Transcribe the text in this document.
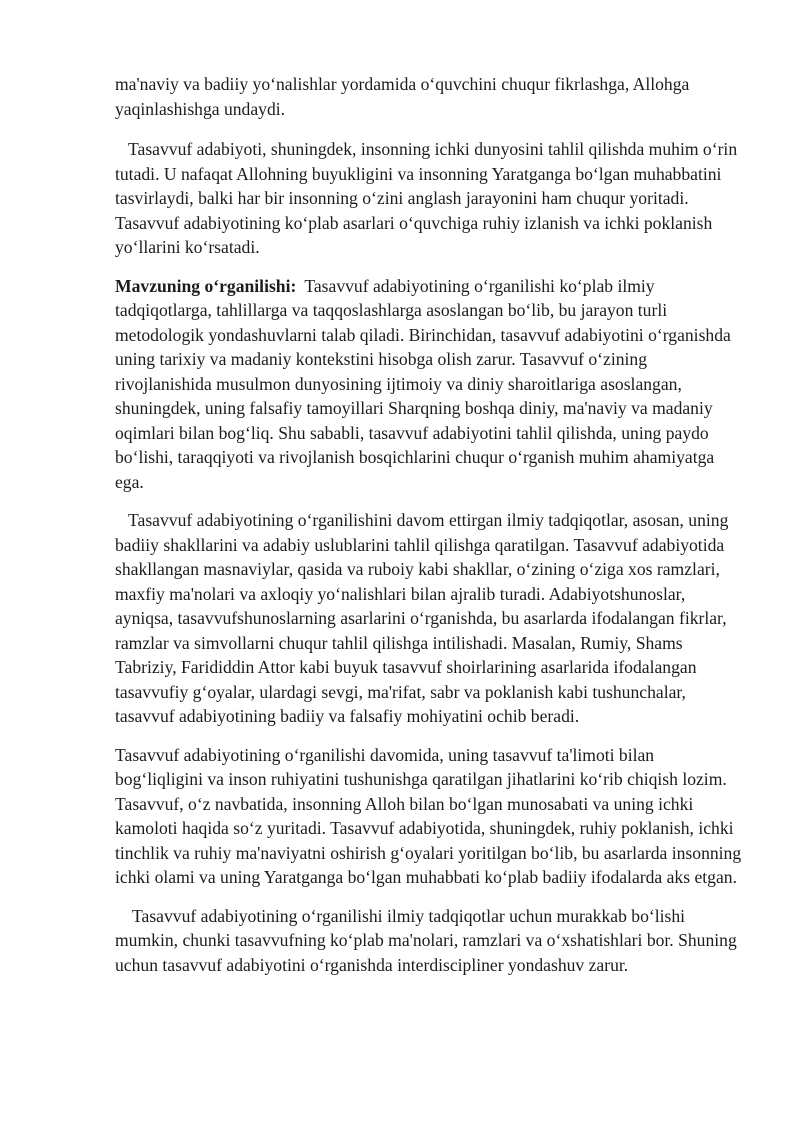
ma'naviy va badiiy yoʻnalishlar yordamida oʻquvchini chuqur fikrlashga, Allohga yaqinlashishga undaydi.

Tasavvuf adabiyoti, shuningdek, insonning ichki dunyosini tahlil qilishda muhim oʻrin tutadi. U nafaqat Allohning buyukligini va insonning Yaratganga boʻlgan muhabbatini tasvirlaydi, balki har bir insonning oʻzini anglash jarayonini ham chuqur yoritadi. Tasavvuf adabiyotining koʻplab asarlari oʻquvchiga ruhiy izlanish va ichki poklanish yoʻllarini koʻrsatadi.

Mavzuning oʻrganilishi: Tasavvuf adabiyotining oʻrganilishi koʻplab ilmiy tadqiqotlarga, tahlillarga va taqqoslashlarga asoslangan boʻlib, bu jarayon turli metodologik yondashuvlarni talab qiladi. Birinchidan, tasavvuf adabiyotini oʻrganishda uning tarixiy va madaniy kontekstini hisobga olish zarur. Tasavvuf oʻzining rivojlanishida musulmon dunyosining ijtimoiy va diniy sharoitlariga asoslangan, shuningdek, uning falsafiy tamoyillari Sharqning boshqa diniy, ma'naviy va madaniy oqimlari bilan bogʻliq. Shu sababli, tasavvuf adabiyotini tahlil qilishda, uning paydo boʻlishi, taraqqiyoti va rivojlanish bosqichlarini chuqur oʻrganish muhim ahamiyatga ega.

Tasavvuf adabiyotining oʻrganilishini davom ettirgan ilmiy tadqiqotlar, asosan, uning badiiy shakllarini va adabiy uslublarini tahlil qilishga qaratilgan. Tasavvuf adabiyotida shakllangan masnaviylar, qasida va ruboiy kabi shakllar, oʻzining oʻziga xos ramzlari, maxfiy ma'nolari va axloqiy yoʻnalishlari bilan ajralib turadi. Adabiyotshunoslar, ayniqsa, tasavvufshunoslarning asarlarini oʻrganishda, bu asarlarda ifodalangan fikrlar, ramzlar va simvollarni chuqur tahlil qilishga intilishadi. Masalan, Rumiy, Shams Tabriziy, Farididdin Attor kabi buyuk tasavvuf shoirlarining asarlarida ifodalangan tasavvufiy gʻoyalar, ulardagi sevgi, ma'rifat, sabr va poklanish kabi tushunchalar, tasavvuf adabiyotining badiiy va falsafiy mohiyatini ochib beradi.

Tasavvuf adabiyotining oʻrganilishi davomida, uning tasavvuf ta'limoti bilan bogʻliqligini va inson ruhiyatini tushunishga qaratilgan jihatlarini koʻrib chiqish lozim. Tasavvuf, oʻz navbatida, insonning Alloh bilan boʻlgan munosabati va uning ichki kamoloti haqida soʻz yuritadi. Tasavvuf adabiyotida, shuningdek, ruhiy poklanish, ichki tinchlik va ruhiy ma'naviyatni oshirish gʻoyalari yoritilgan boʻlib, bu asarlarda insonning ichki olami va uning Yaratganga boʻlgan muhabbati koʻplab badiiy ifodalarda aks etgan.

Tasavvuf adabiyotining oʻrganilishi ilmiy tadqiqotlar uchun murakkab boʻlishi mumkin, chunki tasavvufning koʻplab ma'nolari, ramzlari va oʻxshatishlari bor. Shuning uchun tasavvuf adabiyotini oʻrganishda interdiscipliner yondashuv zarur.
